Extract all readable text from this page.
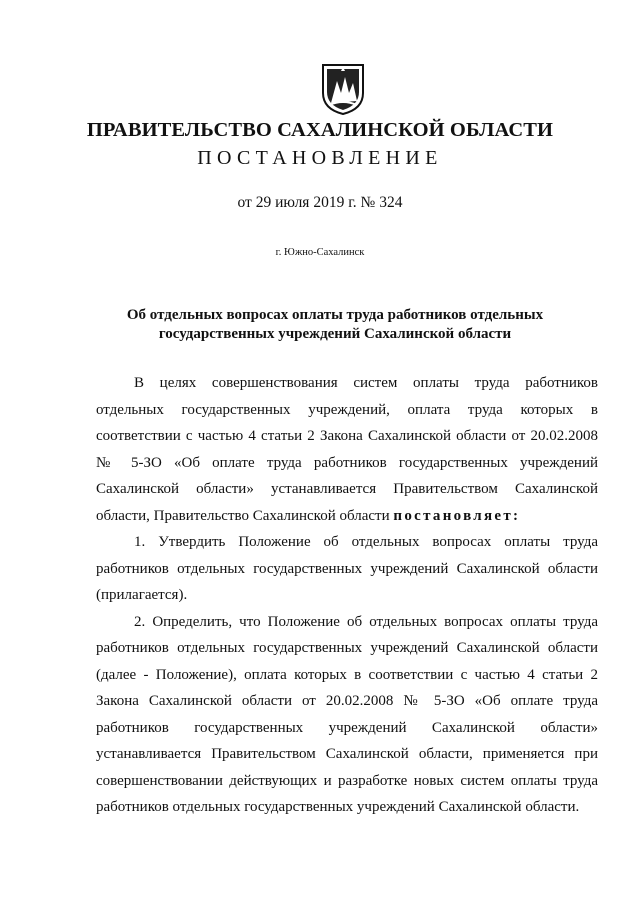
ПРАВИТЕЛЬСТВО САХАЛИНСКОЙ ОБЛАСТИ
ПОСТАНОВЛЕНИЕ
от 29 июля 2019 г. № 324
г. Южно-Сахалинск
Об отдельных вопросах оплаты труда работников отдельных
государственных учреждений Сахалинской области

В целях совершенствования систем оплаты труда работников отдельных государственных учреждений, оплата труда которых в соответствии с частью 4 статьи 2 Закона Сахалинской области от 20.02.2008 № 5-ЗО «Об оплате труда работников государственных учреждений Сахалинской области» устанавливается Правительством Сахалинской области, Правительство Сахалинской области постановляет:

1. Утвердить Положение об отдельных вопросах оплаты труда работников отдельных государственных учреждений Сахалинской области (прилагается).

2. Определить, что Положение об отдельных вопросах оплаты труда работников отдельных государственных учреждений Сахалинской области (далее - Положение), оплата которых в соответствии с частью 4 статьи 2 Закона Сахалинской области от 20.02.2008 № 5-ЗО «Об оплате труда работников государственных учреждений Сахалинской области» устанавливается Правительством Сахалинской области, применяется при совершенствовании действующих и разработке новых систем оплаты труда работников отдельных государственных учреждений Сахалинской области.
